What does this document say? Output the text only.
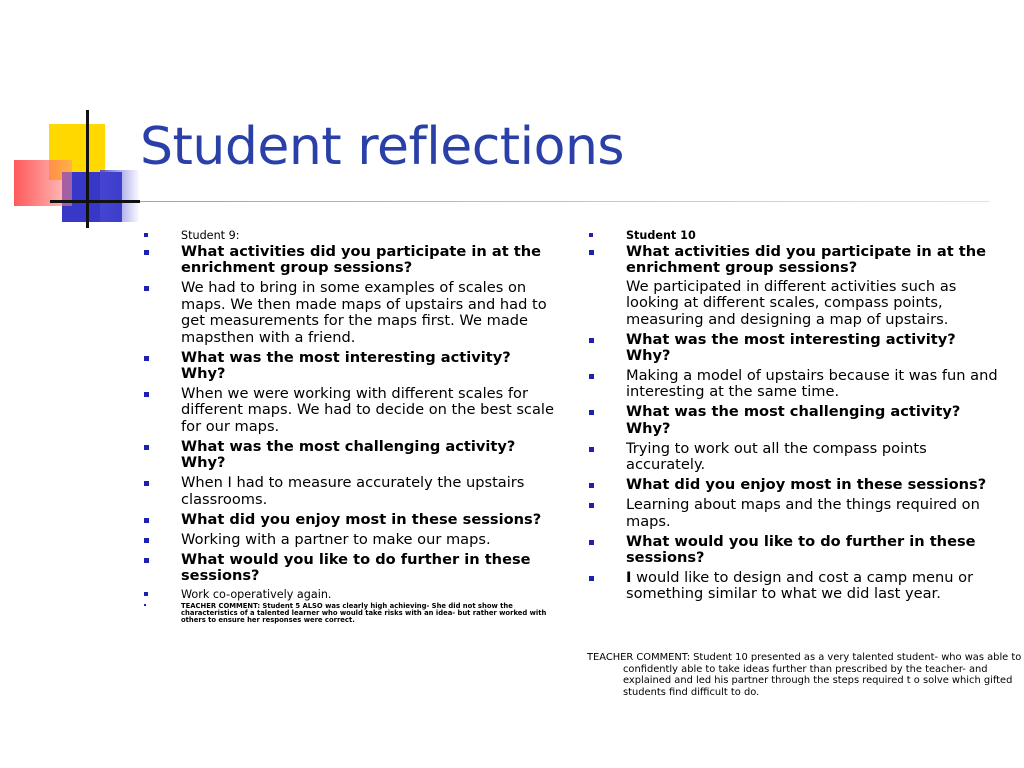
Student reflections
Student 9:
What activities did you participate in at the enrichment group sessions?
We had to bring in some examples of scales on maps. We then made maps of upstairs and had to get measurements for the maps first. We made mapsthen with a friend.
What was the most interesting activity? Why?
When we were working with different scales for different maps. We had to decide on the best scale for our maps.
What was the most challenging activity? Why?
When I had to measure accurately the upstairs classrooms.
What did you enjoy most in these sessions?
Working with a partner to make our maps.
What would you like to do further in these sessions?
Work co-operatively again.
TEACHER COMMENT: Student 5 ALSO was clearly high achieving- She did not show the characteristics of a talented learner who would take risks with an idea- but rather worked with others to ensure her responses were correct.
Student 10
What activities did you participate in at the enrichment group sessions?
We participated in different activities such as looking at different scales, compass points, measuring and designing a map of upstairs.
What was the most interesting activity? Why?
Making a model of upstairs because it was fun and interesting at the same time.
What was the most challenging activity? Why?
Trying to work out all the compass points accurately.
What did you enjoy most in these sessions?
Learning about maps and the things required on maps.
What would you like to do further in these sessions?
I would like to design and cost a camp menu or something similar to what we did last year.
TEACHER COMMENT: Student 10 presented as a very talented student- who was able to confidently able to take ideas further than prescribed by the teacher- and explained and led his partner through the steps required t o solve which gifted students find difficult to do.
